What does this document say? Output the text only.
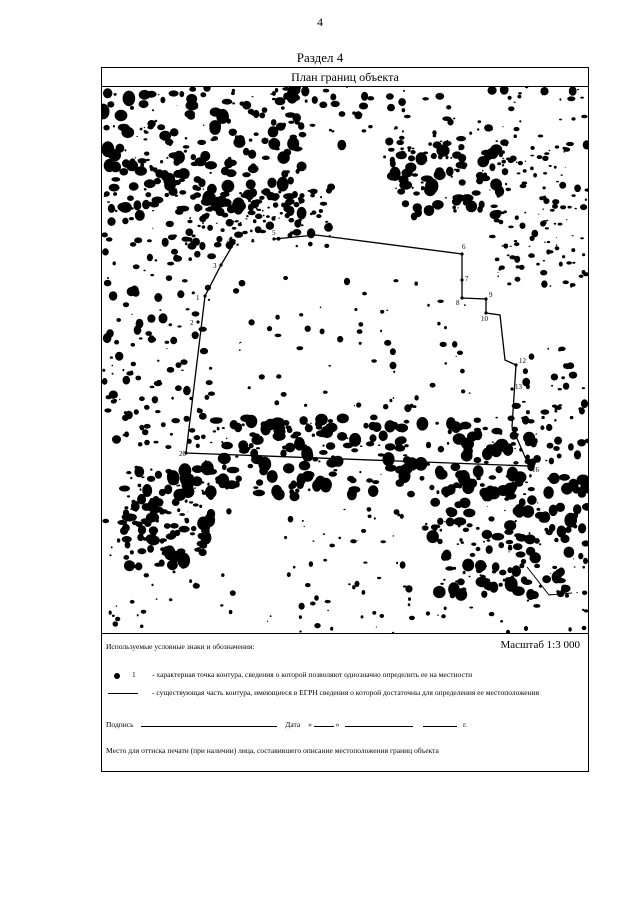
4
Раздел 4
План границ объекта
1
2
3
4
5
6
7
8
9
10
12
13
16
20
Используемые условные знаки и обозначения:	Масштаб 1:3 000
1 - характерная точка контура, сведения о которой позволяют однозначно определить ее на местности
- существующая часть контура, имеющиеся в ЕГРН сведения о которой достаточны для определения ее местоположения
Подпись	Дата «	»	г.
Место для оттиска печати (при наличии) лица, составившего описание местоположения границ объекта
